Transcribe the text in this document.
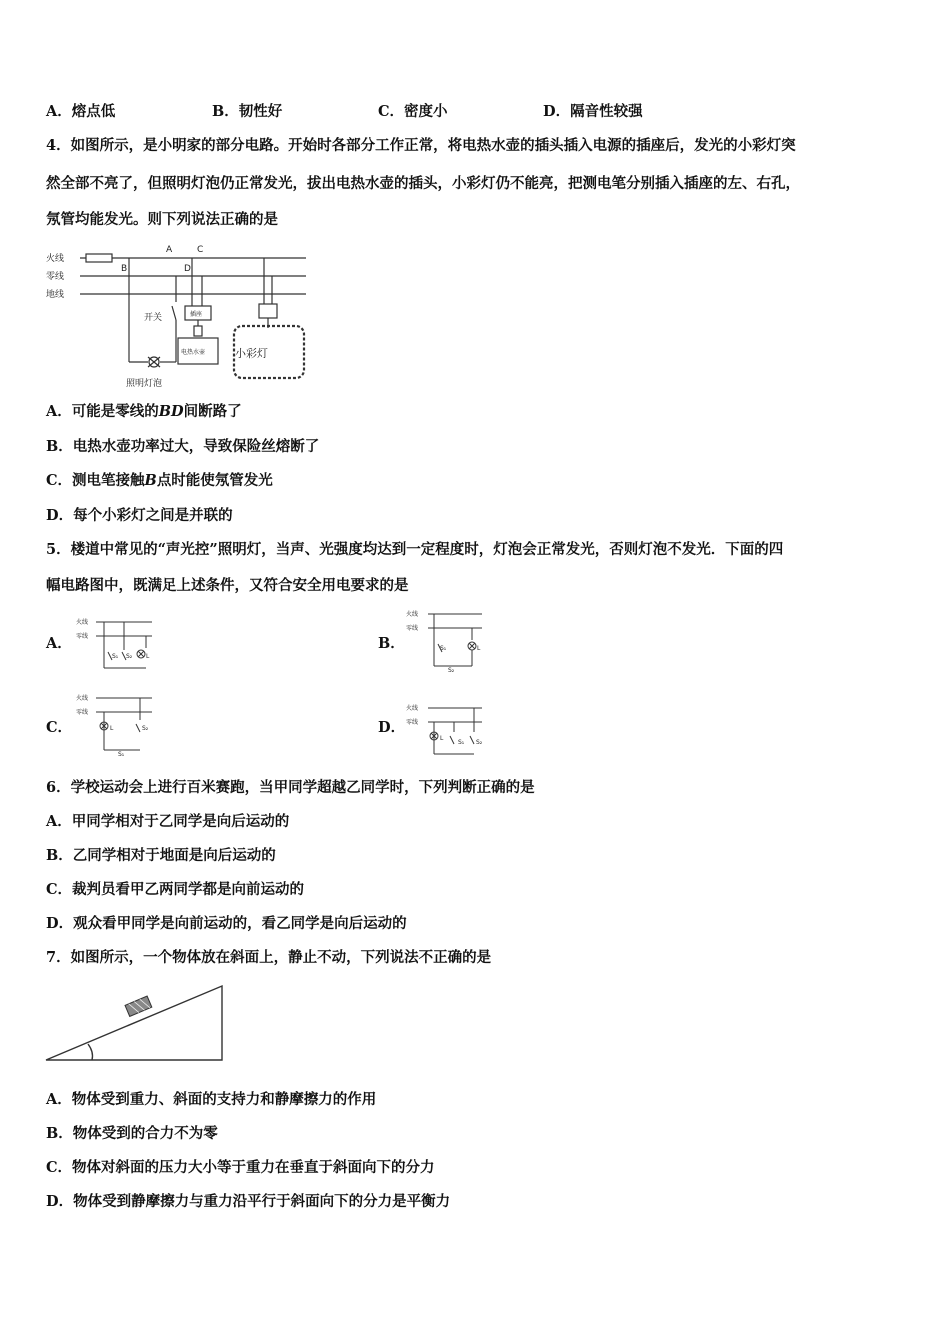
A．熔点低	B．韧性好	C．密度小	D．隔音性较强
4．如图所示，是小明家的部分电路。开始时各部分工作正常，将电热水壶的插头插入电源的插座后，发光的小彩灯突
然全部不亮了，但照明灯泡仍正常发光，拔出电热水壶的插头，小彩灯仍不能亮，把测电笔分别插入插座的左、右孔，
氖管均能发光。则下列说法正确的是
火线
零线
地线
A	C
B	D
开关
小彩灯
照明灯泡
插座
电热水壶
A．可能是零线的BD间断路了
B．电热水壶功率过大，导致保险丝熔断了
C．测电笔接触B点时能使氖管发光
D．每个小彩灯之间是并联的
5．楼道中常见的“声光控”照明灯，当声、光强度均达到一定程度时，灯泡会正常发光，否则灯泡不发光．下面的四
幅电路图中，既满足上述条件，又符合安全用电要求的是
A．
火线
零线
S₁ S₂ L
B．
火线
零线
S₁
S₂
L
C．
火线
零线
L	S₂
S₁
D．
火线
零线
L
S₁ S₂
6．学校运动会上进行百米赛跑，当甲同学超越乙同学时，下列判断正确的是
A．甲同学相对于乙同学是向后运动的
B．乙同学相对于地面是向后运动的
C．裁判员看甲乙两同学都是向前运动的
D．观众看甲同学是向前运动的，看乙同学是向后运动的
7．如图所示，一个物体放在斜面上，静止不动，下列说法不正确的是
A．物体受到重力、斜面的支持力和静摩擦力的作用
B．物体受到的合力不为零
C．物体对斜面的压力大小等于重力在垂直于斜面向下的分力
D．物体受到静摩擦力与重力沿平行于斜面向下的分力是平衡力
